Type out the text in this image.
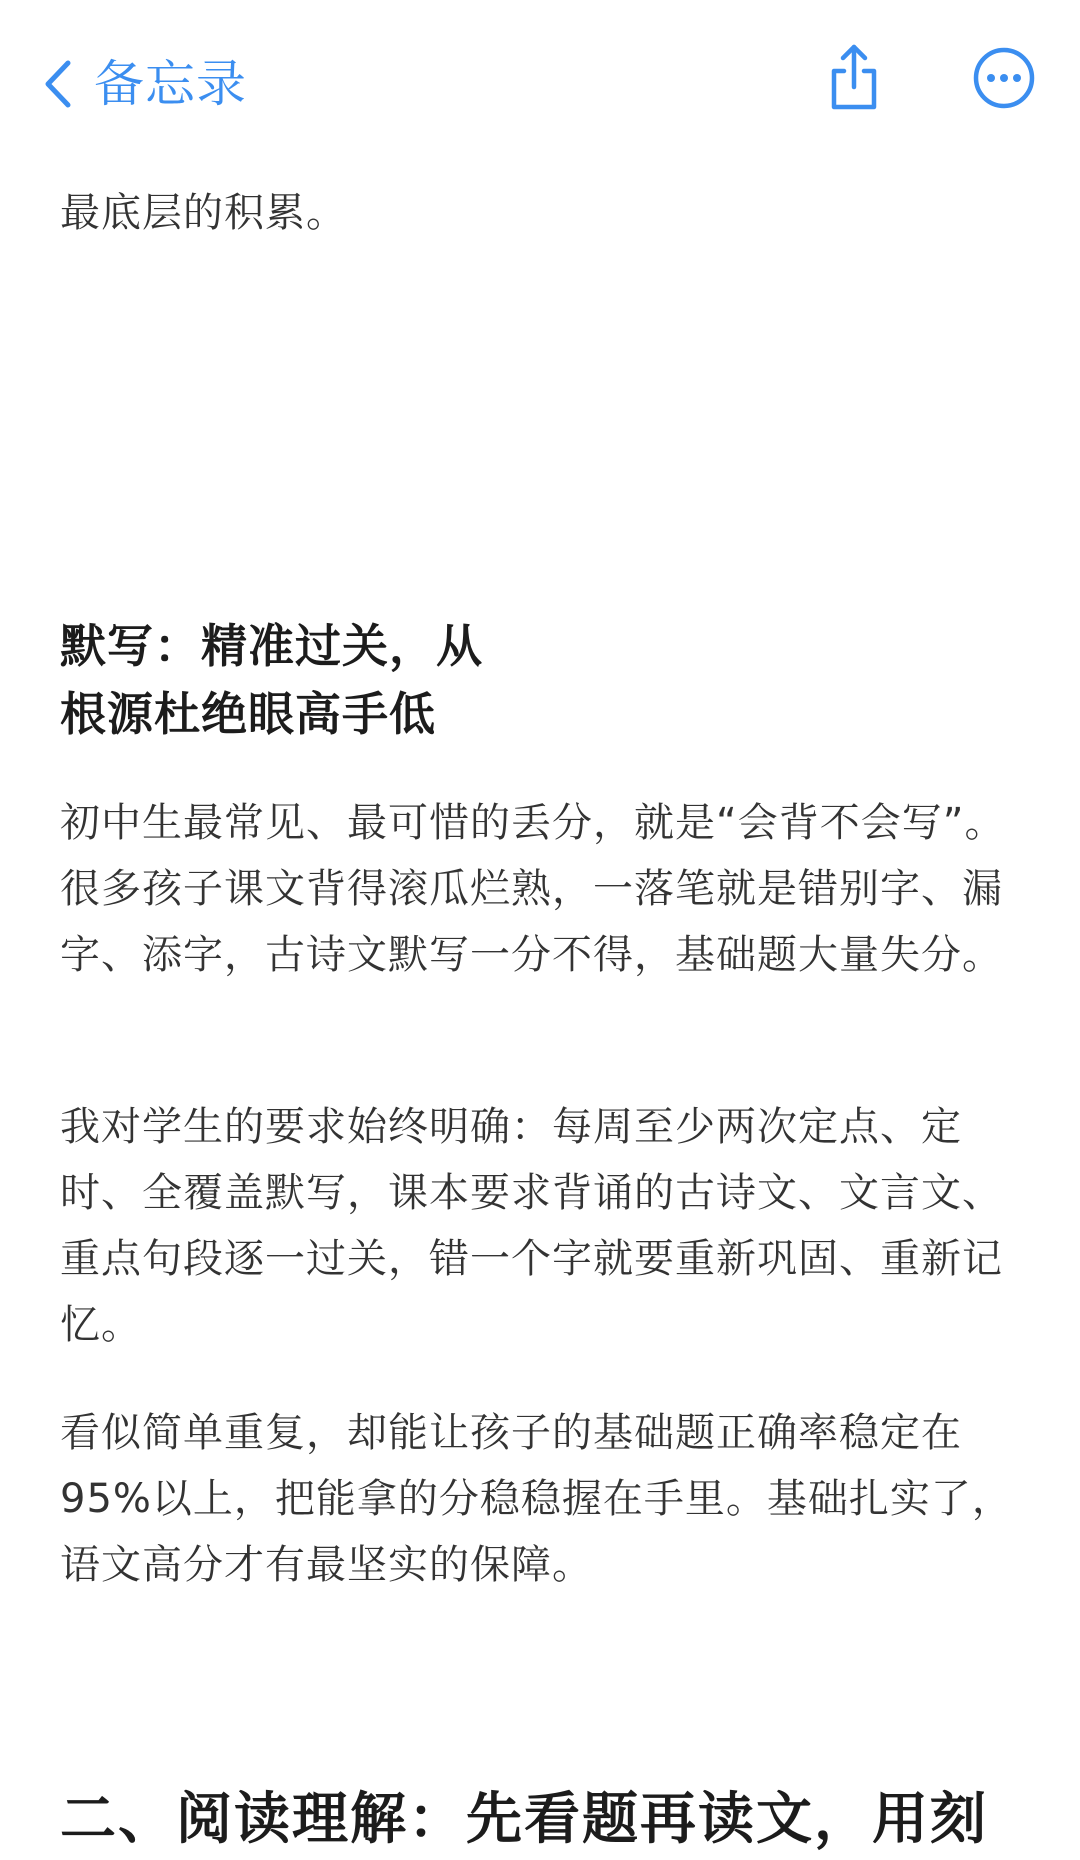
备忘录

最底层的积累。

默写：精准过关，从
根源杜绝眼高手低

初中生最常见、最可惜的丢分，就是“会背不会写”。很多孩子课文背得滚瓜烂熟，一落笔就是错别字、漏字、添字，古诗文默写一分不得，基础题大量失分。

我对学生的要求始终明确：每周至少两次定点、定时、全覆盖默写，课本要求背诵的古诗文、文言文、重点句段逐一过关，错一个字就要重新巩固、重新记忆。

看似简单重复，却能让孩子的基础题正确率稳定在95%以上，把能拿的分稳稳握在手里。基础扎实了，语文高分才有最坚实的保障。

二、阅读理解：先看题再读文，用刻
